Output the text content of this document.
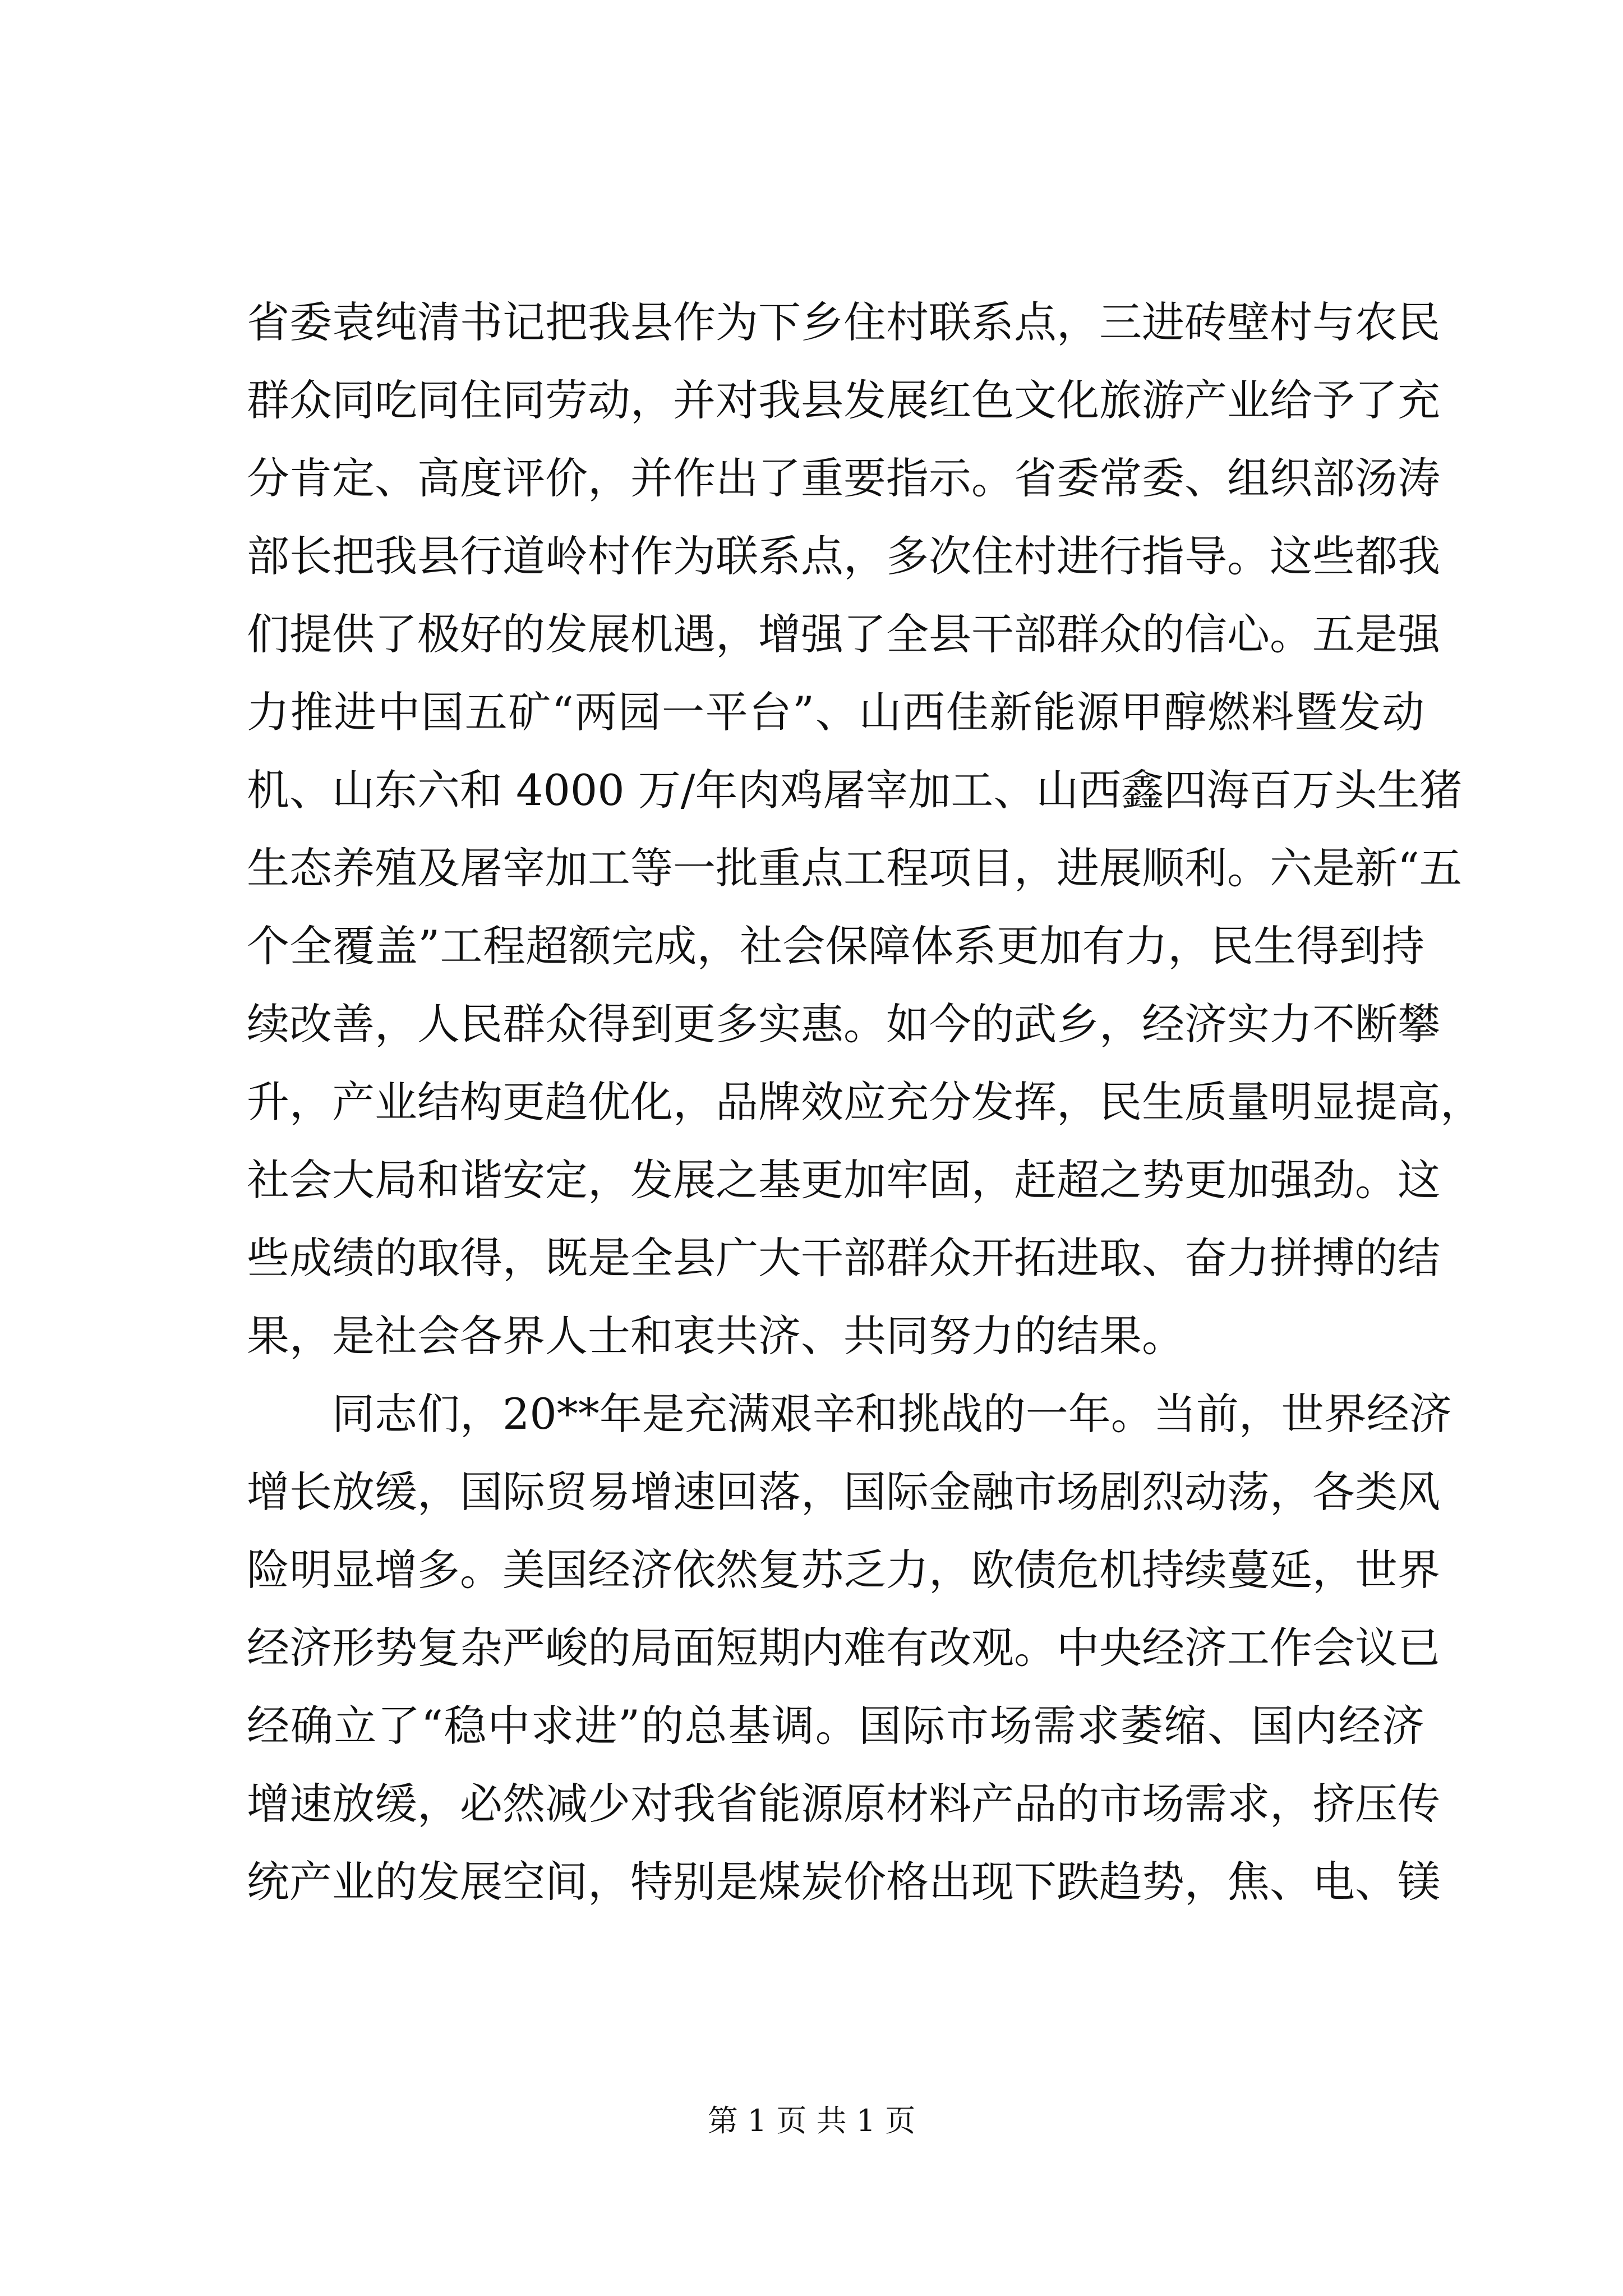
省委袁纯清书记把我县作为下乡住村联系点，三进砖壁村与农民
群众同吃同住同劳动，并对我县发展红色文化旅游产业给予了充
分肯定、高度评价，并作出了重要指示。省委常委、组织部汤涛
部长把我县行道岭村作为联系点，多次住村进行指导。这些都我
们提供了极好的发展机遇，增强了全县干部群众的信心。五是强
力推进中国五矿“两园一平台”、山西佳新能源甲醇燃料暨发动
机、山东六和 4000 万/年肉鸡屠宰加工、山西鑫四海百万头生猪
生态养殖及屠宰加工等一批重点工程项目，进展顺利。六是新“五
个全覆盖”工程超额完成，社会保障体系更加有力，民生得到持
续改善，人民群众得到更多实惠。如今的武乡，经济实力不断攀
升，产业结构更趋优化，品牌效应充分发挥，民生质量明显提高，
社会大局和谐安定，发展之基更加牢固，赶超之势更加强劲。这
些成绩的取得，既是全县广大干部群众开拓进取、奋力拼搏的结
果，是社会各界人士和衷共济、共同努力的结果。
　　同志们，20**年是充满艰辛和挑战的一年。当前，世界经济
增长放缓，国际贸易增速回落，国际金融市场剧烈动荡，各类风
险明显增多。美国经济依然复苏乏力，欧债危机持续蔓延，世界
经济形势复杂严峻的局面短期内难有改观。中央经济工作会议已
经确立了“稳中求进”的总基调。国际市场需求萎缩、国内经济
增速放缓，必然减少对我省能源原材料产品的市场需求，挤压传
统产业的发展空间，特别是煤炭价格出现下跌趋势，焦、电、镁
第 1 页 共 1 页
